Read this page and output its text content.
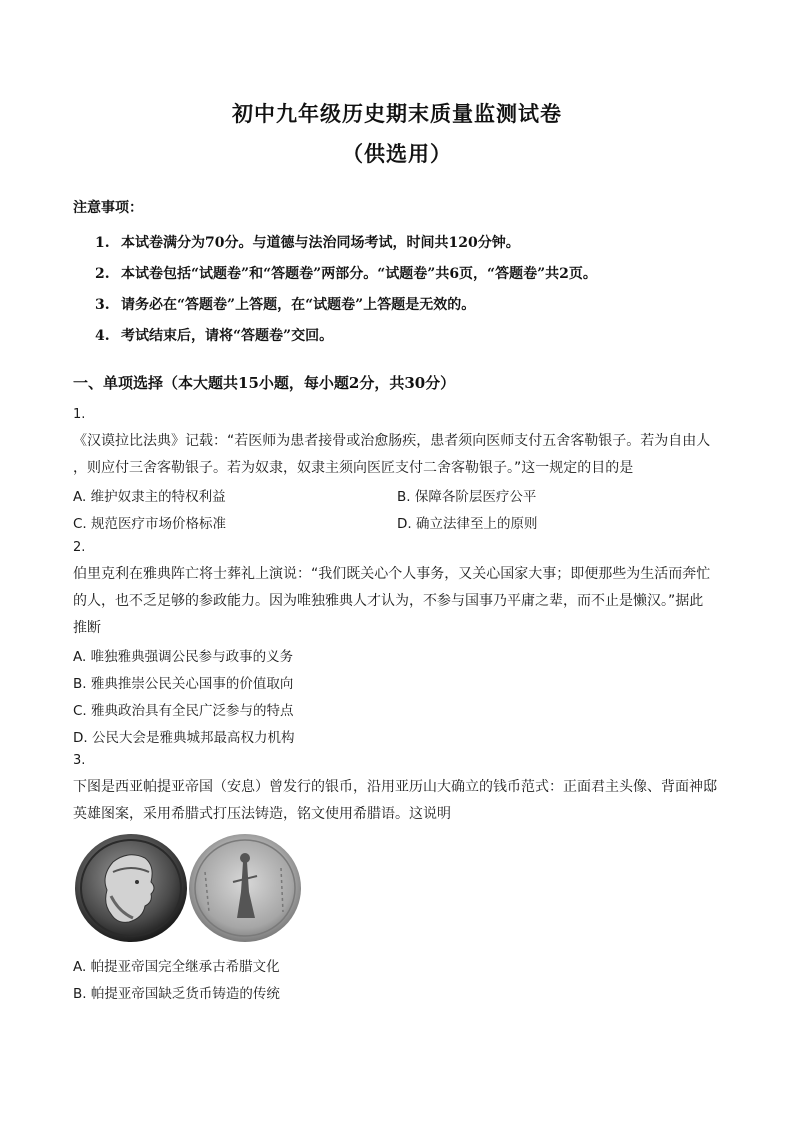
初中九年级历史期末质量监测试卷
（供选用）
注意事项：
1. 本试卷满分为70分。与道德与法治同场考试，时间共120分钟。
2. 本试卷包括“试题卷”和“答题卷”两部分。“试题卷”共6页，“答题卷”共2页。
3. 请务必在“答题卷”上答题，在“试题卷”上答题是无效的。
4. 考试结束后，请将“答题卷”交回。
一、单项选择（本大题共15小题，每小题2分，共30分）
1.
《汉谟拉比法典》记载：“若医师为患者接骨或治愈肠疾，患者须向医师支付五舍客勒银子。若为自由人
，则应付三舍客勒银子。若为奴隶，奴隶主须向医匠支付二舍客勒银子。”这一规定的目的是
A. 维护奴隶主的特权利益	B. 保障各阶层医疗公平
C. 规范医疗市场价格标准	D. 确立法律至上的原则
2.
伯里克利在雅典阵亡将士葬礼上演说：“我们既关心个人事务，又关心国家大事；即便那些为生活而奔忙
的人，也不乏足够的参政能力。因为唯独雅典人才认为，不参与国事乃平庸之辈，而不止是懒汉。”据此
推断
A. 唯独雅典强调公民参与政事的义务
B. 雅典推崇公民关心国事的价值取向
C. 雅典政治具有全民广泛参与的特点
D. 公民大会是雅典城邦最高权力机构
3.
下图是西亚帕提亚帝国（安息）曾发行的银币，沿用亚历山大确立的钱币范式：正面君主头像、背面神邸
英雄图案，采用希腊式打压法铸造，铭文使用希腊语。这说明
A. 帕提亚帝国完全继承古希腊文化
B. 帕提亚帝国缺乏货币铸造的传统
